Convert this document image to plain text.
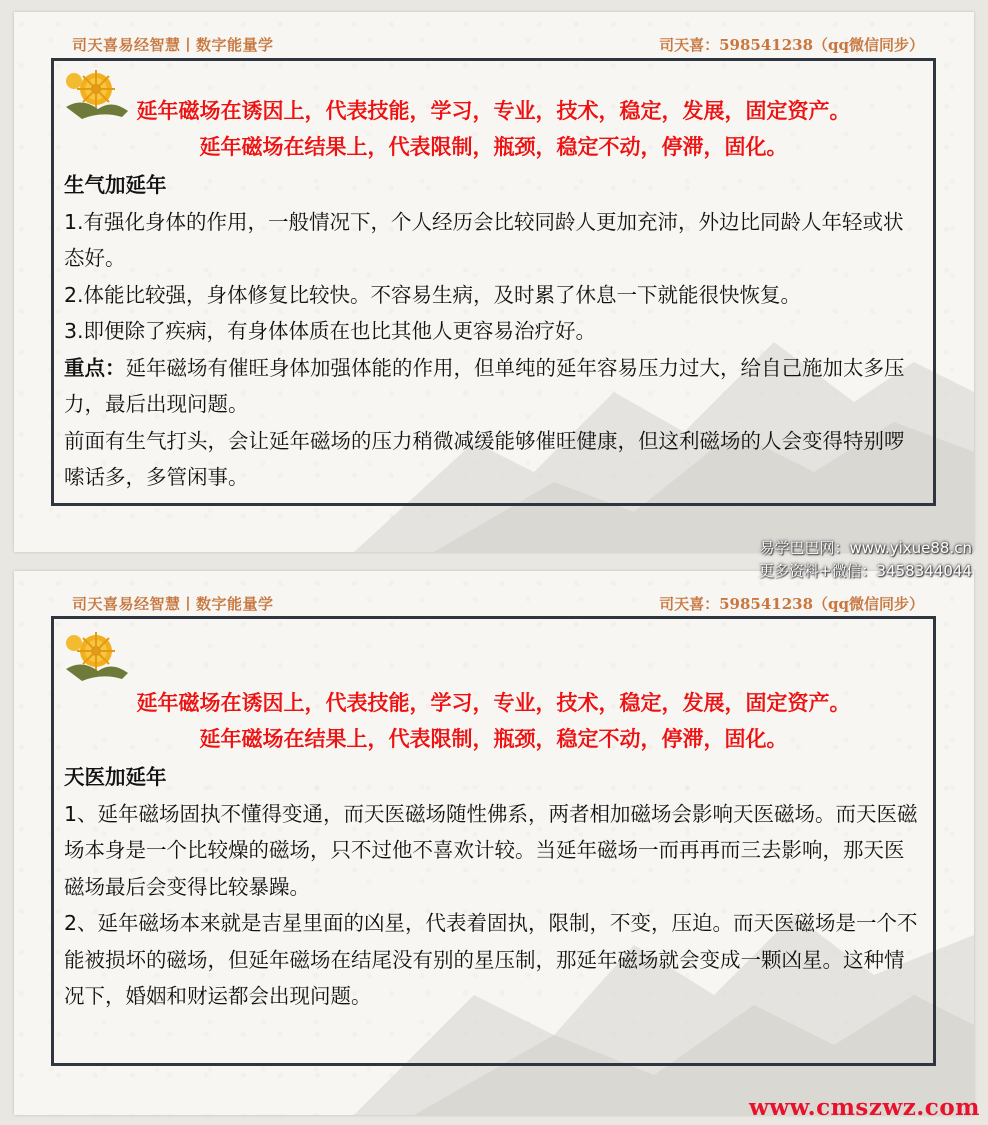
司天喜易经智慧丨数字能量学	司天喜：598541238（qq微信同步）
延年磁场在诱因上，代表技能，学习，专业，技术，稳定，发展，固定资产。
延年磁场在结果上，代表限制，瓶颈，稳定不动，停滞，固化。

生气加延年

1.有强化身体的作用，一般情况下，个人经历会比较同龄人更加充沛，外边比同龄人年轻或状态好。

2.体能比较强，身体修复比较快。不容易生病，及时累了休息一下就能很快恢复。

3.即便除了疾病，有身体体质在也比其他人更容易治疗好。

重点：延年磁场有催旺身体加强体能的作用，但单纯的延年容易压力过大，给自己施加太多压力，最后出现问题。

前面有生气打头，会让延年磁场的压力稍微减缓能够催旺健康，但这利磁场的人会变得特别啰嗦话多，多管闲事。

司天喜易经智慧丨数字能量学	司天喜：598541238（qq微信同步）
延年磁场在诱因上，代表技能，学习，专业，技术，稳定，发展，固定资产。
延年磁场在结果上，代表限制，瓶颈，稳定不动，停滞，固化。

天医加延年

1、延年磁场固执不懂得变通，而天医磁场随性佛系，两者相加磁场会影响天医磁场。而天医磁场本身是一个比较燥的磁场，只不过他不喜欢计较。当延年磁场一而再再而三去影响，那天医磁场最后会变得比较暴躁。

2、延年磁场本来就是吉星里面的凶星，代表着固执，限制，不变，压迫。而天医磁场是一个不能被损坏的磁场，但延年磁场在结尾没有别的星压制，那延年磁场就会变成一颗凶星。这种情况下，婚姻和财运都会出现问题。

易学巴巴网：www.yixue88.cn
更多资料+微信：3458344044
www.cmszwz.com
